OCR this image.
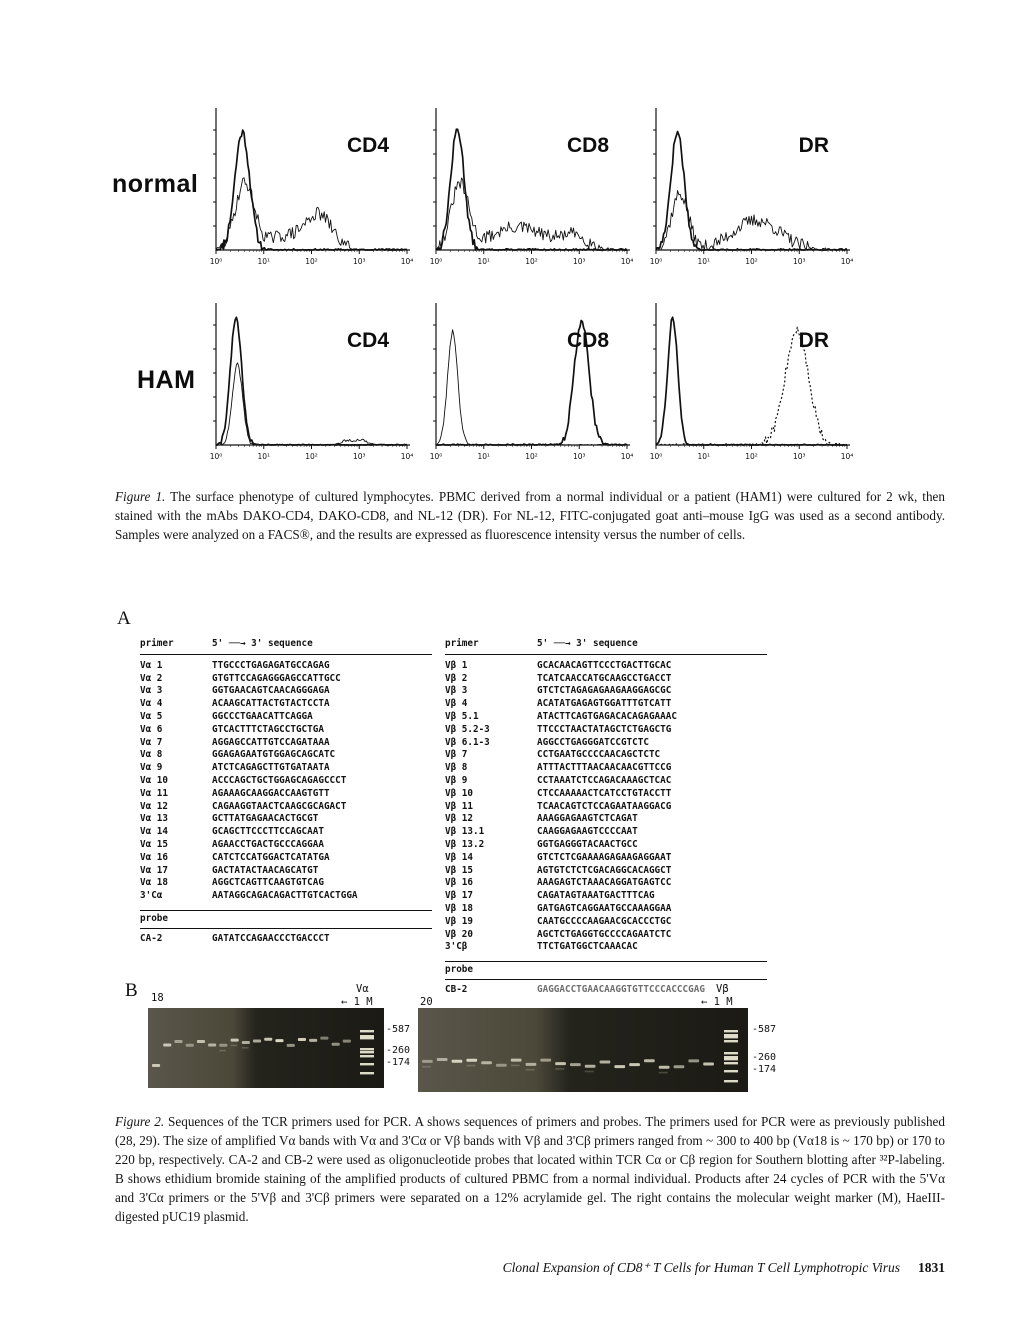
normal
HAM
10⁰	10¹	10²	10³	10⁴
CD4
10⁰	10¹	10²	10³	10⁴
CD8
10⁰	10¹	10²	10³	10⁴
DR
10⁰	10¹	10²	10³	10⁴
CD4
10⁰	10¹	10²	10³	10⁴
CD8
10⁰	10¹	10²	10³	10⁴
DR

Figure 1. The surface phenotype of cultured lymphocytes. PBMC derived from a normal individual or a patient (HAM1) were cultured for 2 wk, then stained with the mAbs DAKO-CD4, DAKO-CD8, and NL-12 (DR). For NL-12, FITC-conjugated goat anti–mouse IgG was used as a second antibody. Samples were analyzed on a FACS®, and the results are expressed as fluorescence intensity versus the number of cells.

A
primer	5' ──→ 3' sequence
Vα 1	TTGCCCTGAGAGATGCCAGAG
Vα 2	GTGTTCCAGAGGGAGCCATTGCC
Vα 3	GGTGAACAGTCAACAGGGAGA
Vα 4	ACAAGCATTACTGTACTCCTA
Vα 5	GGCCCTGAACATTCAGGA
Vα 6	GTCACTTTCTAGCCTGCTGA
Vα 7	AGGAGCCATTGTCCAGATAAA
Vα 8	GGAGAGAATGTGGAGCAGCATC
Vα 9	ATCTCAGAGCTTGTGATAATA
Vα 10	ACCCAGCTGCTGGAGCAGAGCCCT
Vα 11	AGAAAGCAAGGACCAAGTGTT
Vα 12	CAGAAGGTAACTCAAGCGCAGACT
Vα 13	GCTTATGAGAACACTGCGT
Vα 14	GCAGCTTCCCTTCCAGCAAT
Vα 15	AGAACCTGACTGCCCAGGAA
Vα 16	CATCTCCATGGACTCATATGA
Vα 17	GACTATACTAACAGCATGT
Vα 18	AGGCTCAGTTCAAGTGTCAG
3'Cα	AATAGGCAGACAGACTTGTCACTGGA
probe
CA-2	GATATCCAGAACCCTGACCCT
primer	5' ──→ 3' sequence
Vβ 1	GCACAACAGTTCCCTGACTTGCAC
Vβ 2	TCATCAACCATGCAAGCCTGACCT
Vβ 3	GTCTCTAGAGAGAAGAAGGAGCGC
Vβ 4	ACATATGAGAGTGGATTTGTCATT
Vβ 5.1	ATACTTCAGTGAGACACAGAGAAAC
Vβ 5.2-3	TTCCCTAACTATAGCTCTGAGCTG
Vβ 6.1-3	AGGCCTGAGGGATCCGTCTC
Vβ 7	CCTGAATGCCCCAACAGCTCTC
Vβ 8	ATTTACTTTAACAACAACGTTCCG
Vβ 9	CCTAAATCTCCAGACAAAGCTCAC
Vβ 10	CTCCAAAAACTCATCCTGTACCTT
Vβ 11	TCAACAGTCTCCAGAATAAGGACG
Vβ 12	AAAGGAGAAGTCTCAGAT
Vβ 13.1	CAAGGAGAAGTCCCCAAT
Vβ 13.2	GGTGAGGGTACAACTGCC
Vβ 14	GTCTCTCGAAAAGAGAAGAGGAAT
Vβ 15	AGTGTCTCTCGACAGGCACAGGCT
Vβ 16	AAAGAGTCTAAACAGGATGAGTCC
Vβ 17	CAGATAGTAAATGACTTTCAG
Vβ 18	GATGAGTCAGGAATGCCAAAGGAA
Vβ 19	CAATGCCCCAAGAACGCACCCTGC
Vβ 20	AGCTCTGAGGTGCCCCAGAATCTC
3'Cβ	TTCTGATGGCTCAAACAC
probe
CB-2	GAGGACCTGAACAAGGTGTTCCCACCCGAG
B 18
Vα
← 1 M
-587
-260
-174
20
Vβ
← 1 M
-587
-260
-174

Figure 2. Sequences of the TCR primers used for PCR. A shows sequences of primers and probes. The primers used for PCR were as previously published (28, 29). The size of amplified Vα bands with Vα and 3'Cα or Vβ bands with Vβ and 3'Cβ primers ranged from ~ 300 to 400 bp (Vα18 is ~ 170 bp) or 170 to 220 bp, respectively. CA-2 and CB-2 were used as oligonucleotide probes that located within TCR Cα or Cβ region for Southern blotting after ³²P-labeling. B shows ethidium bromide staining of the amplified products of cultured PBMC from a normal individual. Products after 24 cycles of PCR with the 5'Vα and 3'Cα primers or the 5'Vβ and 3'Cβ primers were separated on a 12% acrylamide gel. The right contains the molecular weight marker (M), HaeIII-digested pUC19 plasmid.

Clonal Expansion of CD8⁺ T Cells for Human T Cell Lymphotropic Virus 1831
